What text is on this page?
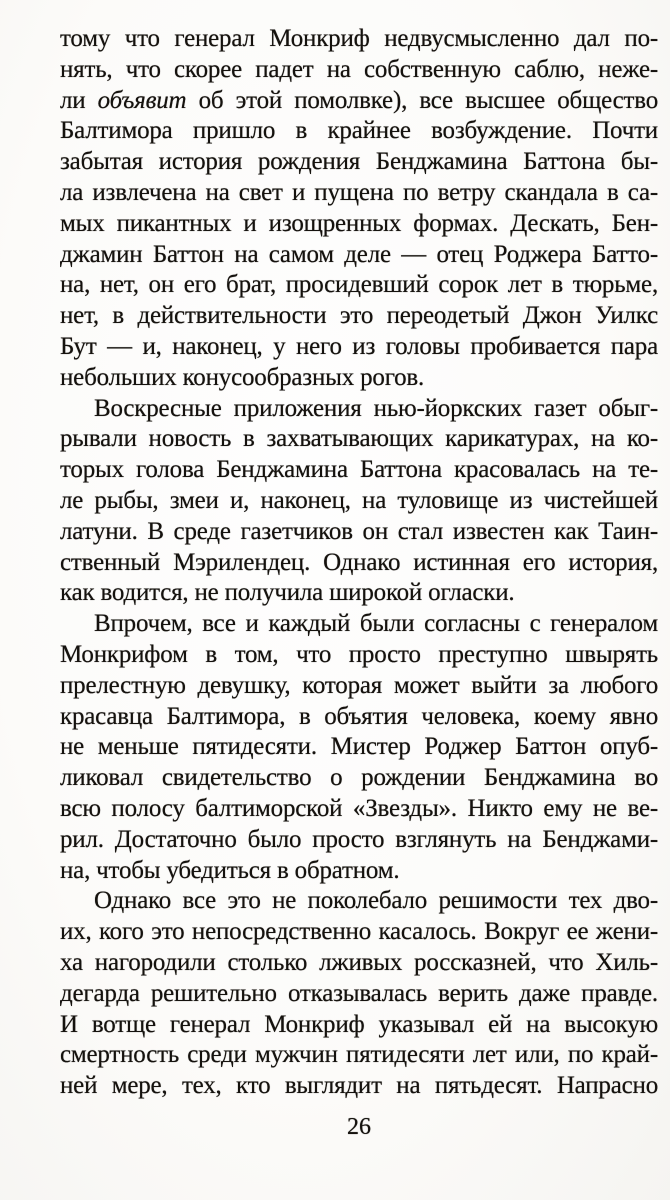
тому что генерал Монкриф недвусмысленно дал по-
нять, что скорее падет на собственную саблю, неже-
ли объявит об этой помолвке), все высшее общество
Балтимора пришло в крайнее возбуждение. Почти
забытая история рождения Бенджамина Баттона бы-
ла извлечена на свет и пущена по ветру скандала в са-
мых пикантных и изощренных формах. Дескать, Бен-
джамин Баттон на самом деле — отец Роджера Батто-
на, нет, он его брат, просидевший сорок лет в тюрьме,
нет, в действительности это переодетый Джон Уилкс
Бут — и, наконец, у него из головы пробивается пара
небольших конусообразных рогов.
Воскресные приложения нью-йоркских газет обыг-
рывали новость в захватывающих карикатурах, на ко-
торых голова Бенджамина Баттона красовалась на те-
ле рыбы, змеи и, наконец, на туловище из чистейшей
латуни. В среде газетчиков он стал известен как Таин-
ственный Мэрилендец. Однако истинная его история,
как водится, не получила широкой огласки.
Впрочем, все и каждый были согласны с генералом
Монкрифом в том, что просто преступно швырять
прелестную девушку, которая может выйти за любого
красавца Балтимора, в объятия человека, коему явно
не меньше пятидесяти. Мистер Роджер Баттон опуб-
ликовал свидетельство о рождении Бенджамина во
всю полосу балтиморской «Звезды». Никто ему не ве-
рил. Достаточно было просто взглянуть на Бенджами-
на, чтобы убедиться в обратном.
Однако все это не поколебало решимости тех дво-
их, кого это непосредственно касалось. Вокруг ее жени-
ха нагородили столько лживых россказней, что Хиль-
дегарда решительно отказывалась верить даже правде.
И вотще генерал Монкриф указывал ей на высокую
смертность среди мужчин пятидесяти лет или, по край-
ней мере, тех, кто выглядит на пятьдесят. Напрасно
26
